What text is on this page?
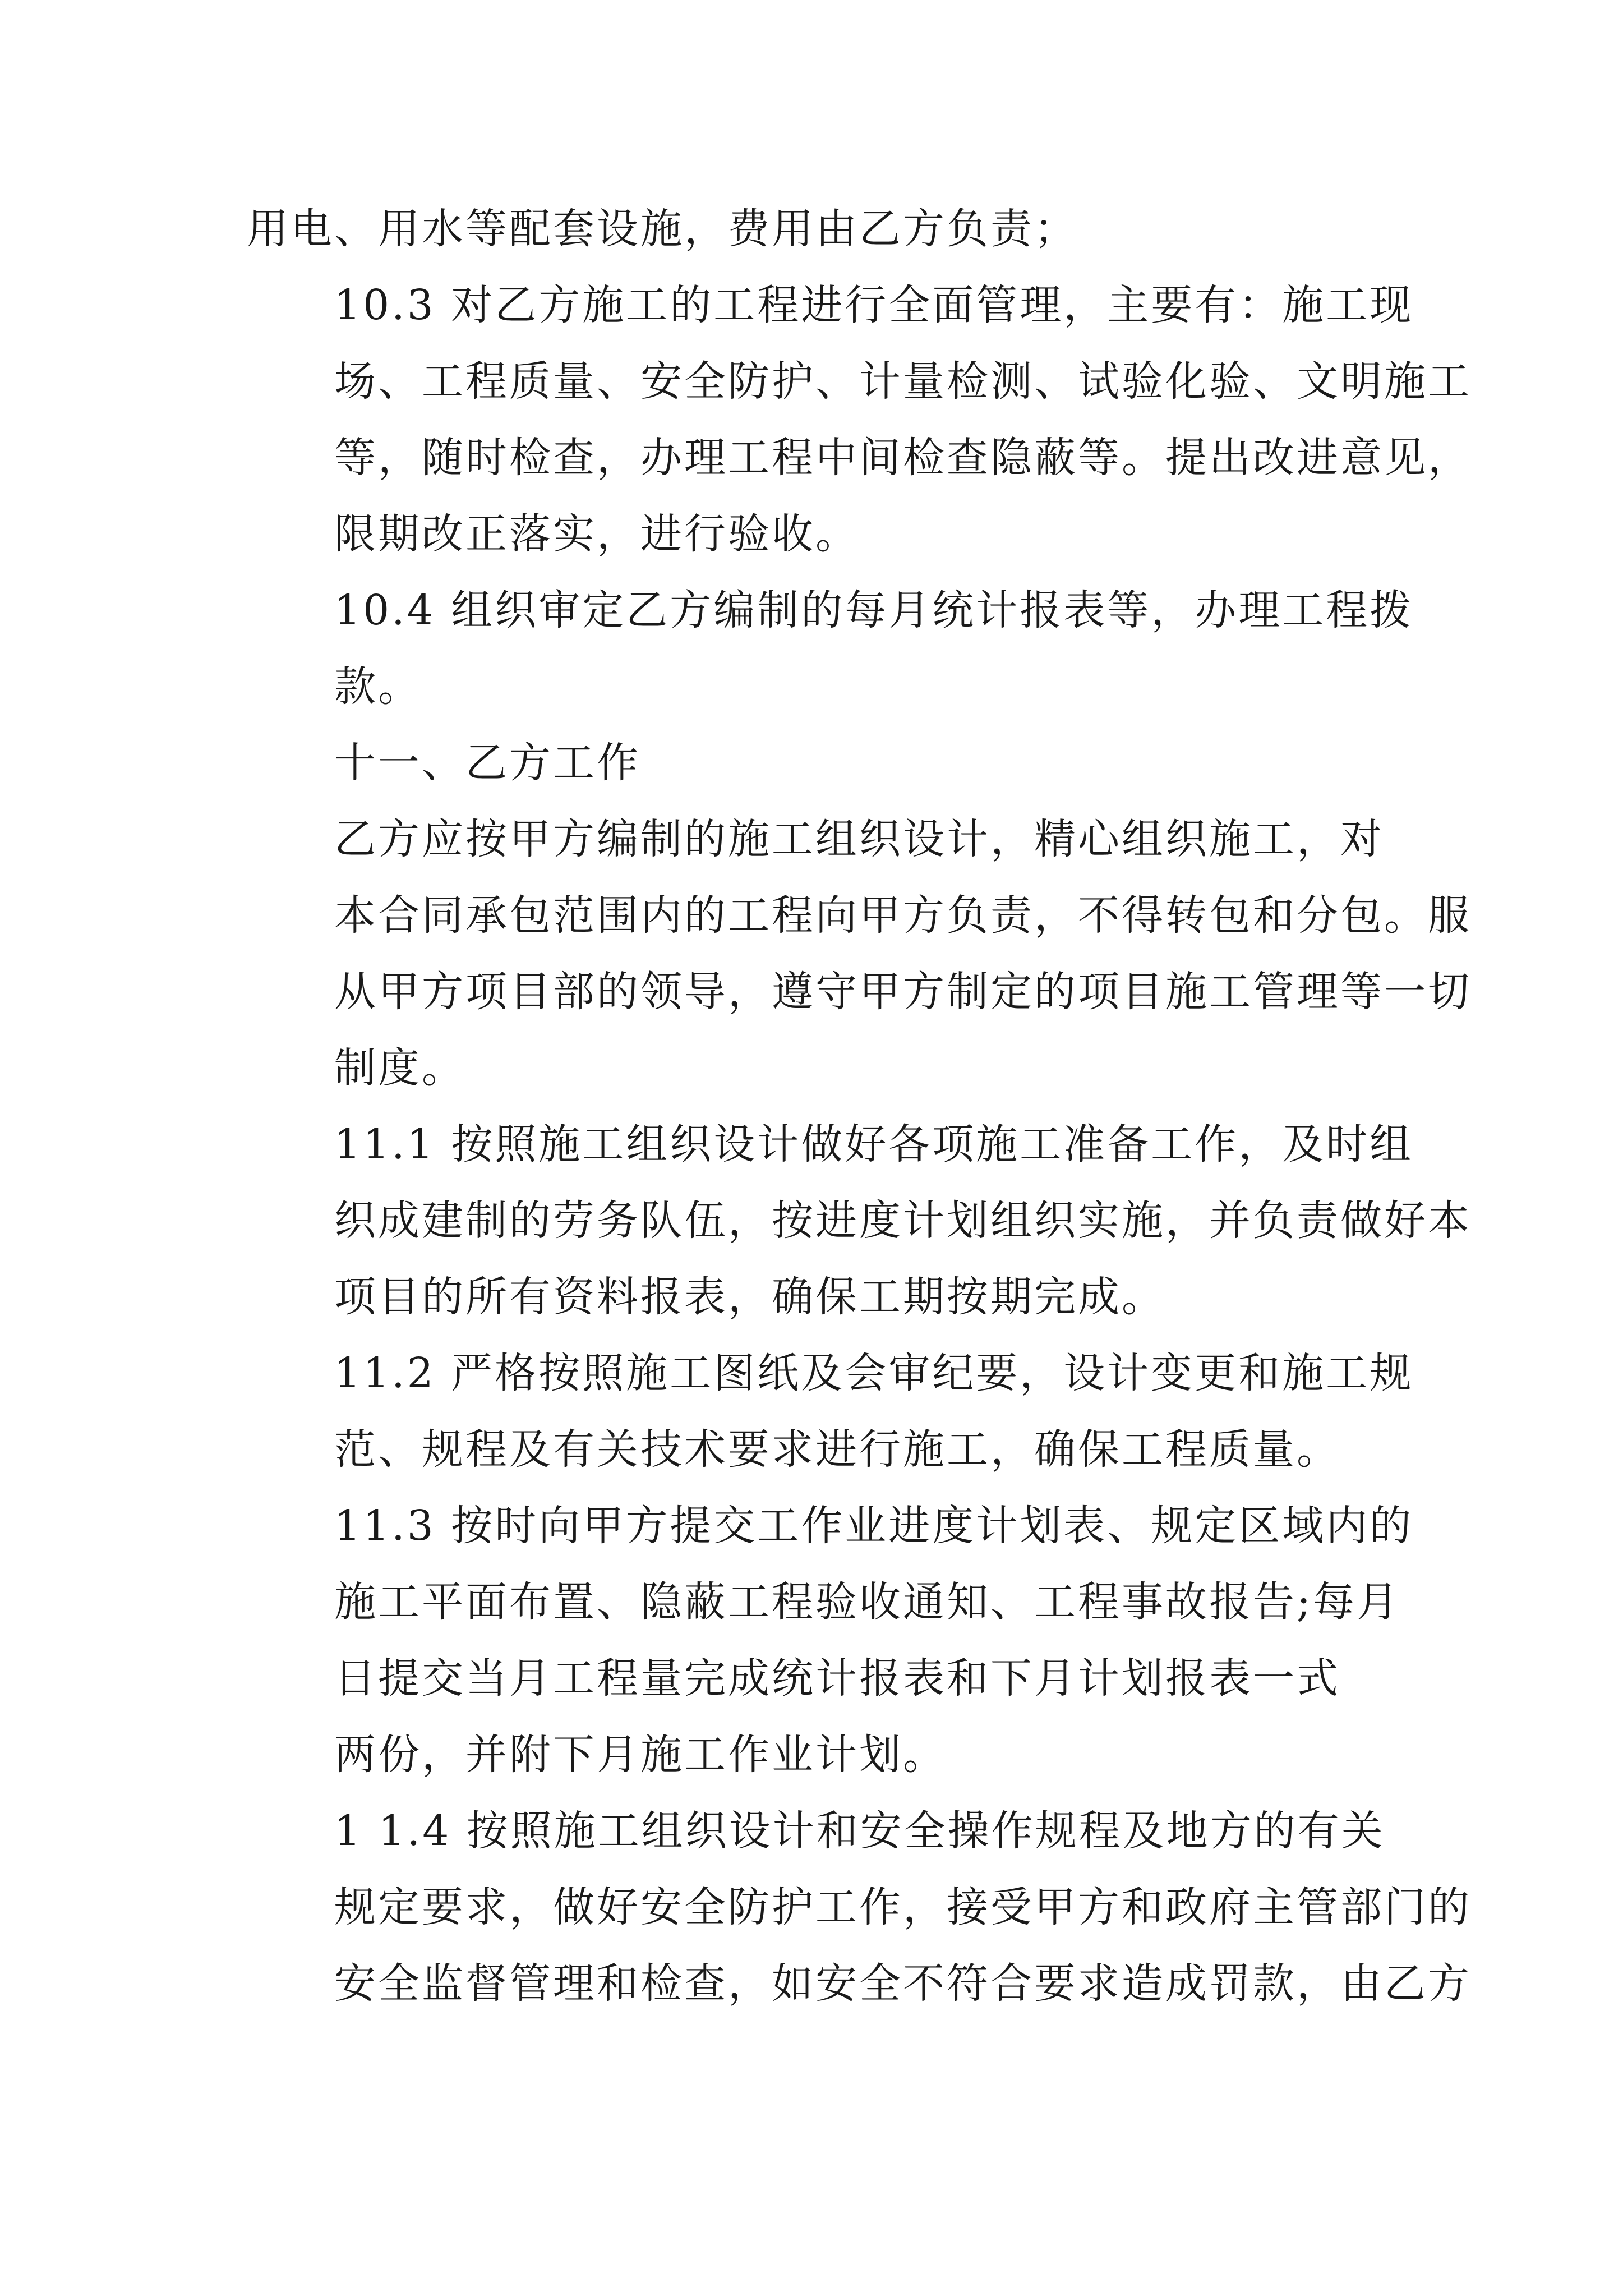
用电、用水等配套设施，费用由乙方负责；

10.3 对乙方施工的工程进行全面管理，主要有：施工现
场、工程质量、安全防护、计量检测、试验化验、文明施工
等，随时检查，办理工程中间检查隐蔽等。提出改进意见，
限期改正落实，进行验收。

10.4 组织审定乙方编制的每月统计报表等，办理工程拨
款。

十一、乙方工作

乙方应按甲方编制的施工组织设计，精心组织施工，对
本合同承包范围内的工程向甲方负责，不得转包和分包。服
从甲方项目部的领导，遵守甲方制定的项目施工管理等一切
制度。

11.1 按照施工组织设计做好各项施工准备工作，及时组
织成建制的劳务队伍，按进度计划组织实施，并负责做好本
项目的所有资料报表，确保工期按期完成。

11.2 严格按照施工图纸及会审纪要，设计变更和施工规
范、规程及有关技术要求进行施工，确保工程质量。

11.3 按时向甲方提交工作业进度计划表、规定区域内的
施工平面布置、隐蔽工程验收通知、工程事故报告;每月

日提交当月工程量完成统计报表和下月计划报表一式
两份，并附下月施工作业计划。

1 1.4 按照施工组织设计和安全操作规程及地方的有关
规定要求，做好安全防护工作，接受甲方和政府主管部门的
安全监督管理和检查，如安全不符合要求造成罚款，由乙方
